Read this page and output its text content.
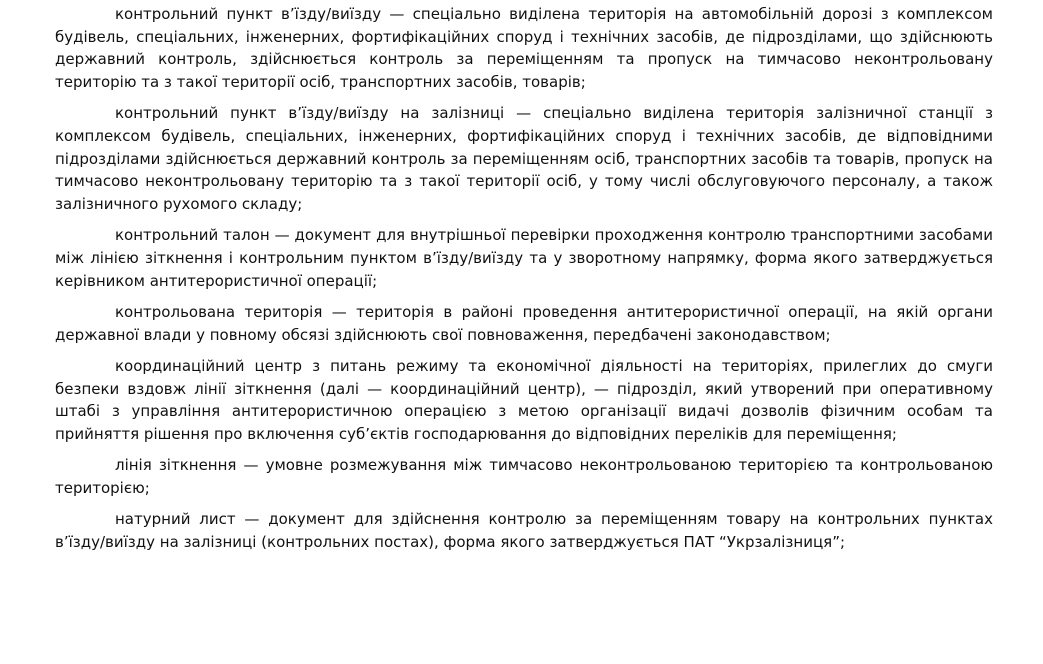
контрольний пункт в’їзду/виїзду — спеціально виділена територія на автомобільній дорозі з комплексом будівель, спеціальних, інженерних, фортифікаційних споруд і технічних засобів, де підрозділами, що здійснюють державний контроль, здійснюється контроль за переміщенням та пропуск на тимчасово неконтрольовану територію та з такої території осіб, транспортних засобів, товарів;

контрольний пункт в’їзду/виїзду на залізниці — спеціально виділена територія залізничної станції з комплексом будівель, спеціальних, інженерних, фортифікаційних споруд і технічних засобів, де відповідними підрозділами здійснюється державний контроль за переміщенням осіб, транспортних засобів та товарів, пропуск на тимчасово неконтрольовану територію та з такої території осіб, у тому числі обслуговуючого персоналу, а також залізничного рухомого складу;

контрольний талон — документ для внутрішньої перевірки проходження контролю транспортними засобами між лінією зіткнення і контрольним пунктом в’їзду/виїзду та у зворотному напрямку, форма якого затверджується керівником антитерористичної операції;

контрольована територія — територія в районі проведення антитерористичної операції, на якій органи державної влади у повному обсязі здійснюють свої повноваження, передбачені законодавством;

координаційний центр з питань режиму та економічної діяльності на територіях, прилеглих до смуги безпеки вздовж лінії зіткнення (далі — координаційний центр), — підрозділ, який утворений при оперативному штабі з управління антитерористичною операцією з метою організації видачі дозволів фізичним особам та прийняття рішення про включення суб’єктів господарювання до відповідних переліків для переміщення;

лінія зіткнення — умовне розмежування між тимчасово неконтрольованою територією та контрольованою територією;

натурний лист — документ для здійснення контролю за переміщенням товару на контрольних пунктах в’їзду/виїзду на залізниці (контрольних постах), форма якого затверджується ПАТ “Укрзалізниця”;
